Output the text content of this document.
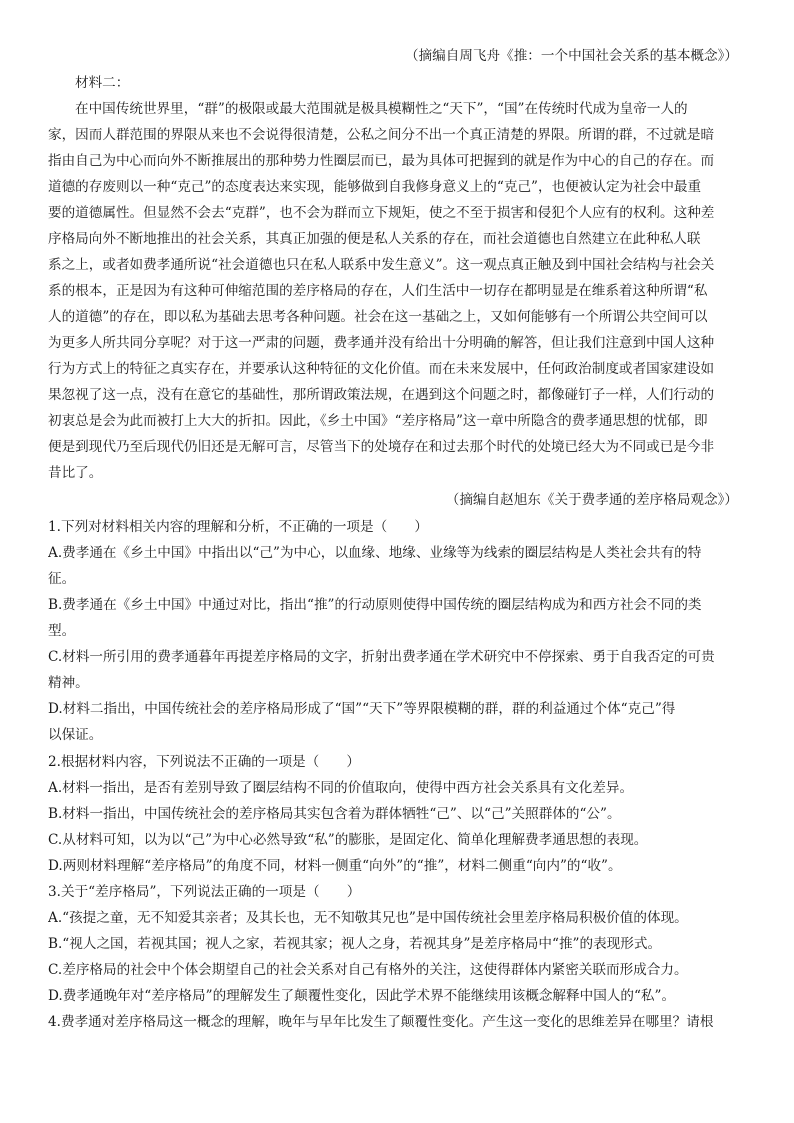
（摘编自周飞舟《推：一个中国社会关系的基本概念》）
材料二：
在中国传统世界里，“群”的极限或最大范围就是极具模糊性之“天下”，“国”在传统时代成为皇帝一人的
家，因而人群范围的界限从来也不会说得很清楚，公私之间分不出一个真正清楚的界限。所谓的群，不过就是暗
指由自己为中心而向外不断推展出的那种势力性圈层而已，最为具体可把握到的就是作为中心的自己的存在。而
道德的存废则以一种“克己”的态度表达来实现，能够做到自我修身意义上的“克己”，也便被认定为社会中最重
要的道德属性。但显然不会去“克群”，也不会为群而立下规矩，使之不至于损害和侵犯个人应有的权利。这种差
序格局向外不断地推出的社会关系，其真正加强的便是私人关系的存在，而社会道德也自然建立在此种私人联
系之上，或者如费孝通所说“社会道德也只在私人联系中发生意义”。这一观点真正触及到中国社会结构与社会关
系的根本，正是因为有这种可伸缩范围的差序格局的存在，人们生活中一切存在都明显是在维系着这种所谓“私
人的道德”的存在，即以私为基础去思考各种问题。社会在这一基础之上，又如何能够有一个所谓公共空间可以
为更多人所共同分享呢？对于这一严肃的问题，费孝通并没有给出十分明确的解答，但让我们注意到中国人这种
行为方式上的特征之真实存在，并要承认这种特征的文化价值。而在未来发展中，任何政治制度或者国家建设如
果忽视了这一点，没有在意它的基础性，那所谓政策法规，在遇到这个问题之时，都像碰钉子一样，人们行动的
初衷总是会为此而被打上大大的折扣。因此，《乡土中国》“差序格局”这一章中所隐含的费孝通思想的忧郁，即
便是到现代乃至后现代仍旧还是无解可言，尽管当下的处境存在和过去那个时代的处境已经大为不同或已是今非
昔比了。
（摘编自赵旭东《关于费孝通的差序格局观念》）
1.下列对材料相关内容的理解和分析，不正确的一项是（　　）
A.费孝通在《乡土中国》中指出以“己”为中心，以血缘、地缘、业缘等为线索的圈层结构是人类社会共有的特
征。
B.费孝通在《乡土中国》中通过对比，指出“推”的行动原则使得中国传统的圈层结构成为和西方社会不同的类
型。
C.材料一所引用的费孝通暮年再提差序格局的文字，折射出费孝通在学术研究中不停探索、勇于自我否定的可贵
精神。
D.材料二指出，中国传统社会的差序格局形成了“国”“天下”等界限模糊的群，群的利益通过个体“克己”得
以保证。
2.根据材料内容，下列说法不正确的一项是（　　）
A.材料一指出，是否有差别导致了圈层结构不同的价值取向，使得中西方社会关系具有文化差异。
B.材料一指出，中国传统社会的差序格局其实包含着为群体牺牲“己”、以“己”关照群体的“公”。
C.从材料可知，以为以“己”为中心必然导致“私”的膨胀，是固定化、简单化理解费孝通思想的表现。
D.两则材料理解“差序格局”的角度不同，材料一侧重“向外”的“推”，材料二侧重“向内”的“收”。
3.关于“差序格局”，下列说法正确的一项是（　　）
A.“孩提之童，无不知爱其亲者；及其长也，无不知敬其兄也”是中国传统社会里差序格局积极价值的体现。
B.“视人之国，若视其国；视人之家，若视其家；视人之身，若视其身”是差序格局中“推”的表现形式。
C.差序格局的社会中个体会期望自己的社会关系对自己有格外的关注，这使得群体内紧密关联而形成合力。
D.费孝通晚年对“差序格局”的理解发生了颠覆性变化，因此学术界不能继续用该概念解释中国人的“私”。
4.费孝通对差序格局这一概念的理解，晚年与早年比发生了颠覆性变化。产生这一变化的思维差异在哪里？请根
